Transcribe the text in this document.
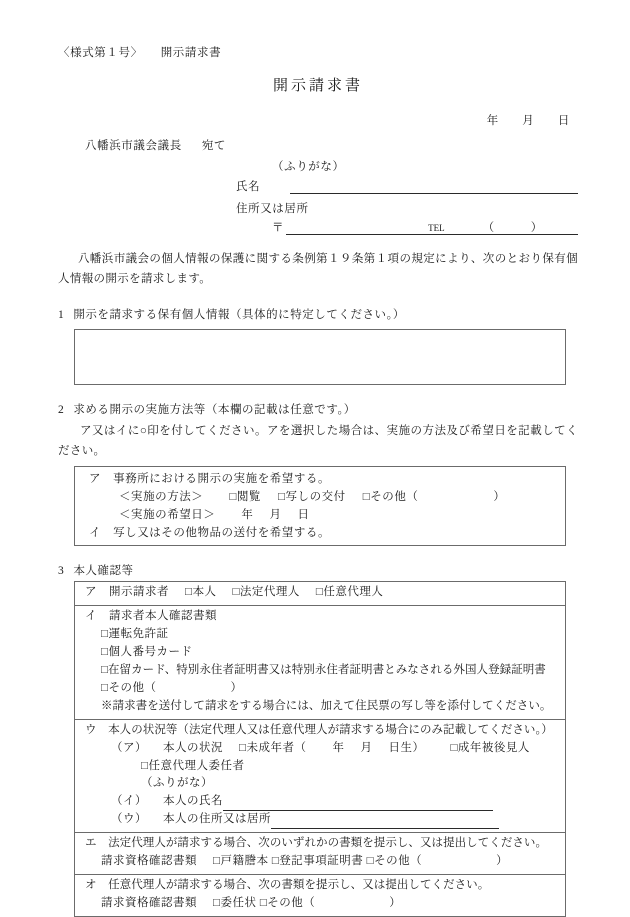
〈様式第１号〉 開示請求書
開示請求書
年 月 日
八幡浜市議会議長 宛て
（ふりがな）
氏名
住所又は居所
〒	TEL	（	）
八幡浜市議会の個人情報の保護に関する条例第１９条第１項の規定により、次のとおり保有個人情報の開示を請求します。
1 開示を請求する保有個人情報（具体的に特定してください。）
2 求める開示の実施方法等（本欄の記載は任意です。）
ア又はイに○印を付してください。アを選択した場合は、実施の方法及び希望日を記載してください。
ア　事務所における開示の実施を希望する。
＜実施の方法＞ □閲覧 □写しの交付 □その他（	）
＜実施の希望日＞ 年 月 日
イ　写し又はその他物品の送付を希望する。
3 本人確認等
ア　 開示請求者 □本人 □法定代理人 □任意代理人
イ　 請求者本人確認書類
□運転免許証
□個人番号カード
□在留カード、特別永住者証明書又は特別永住者証明書とみなされる外国人登録証明書
□その他（	）
※請求書を送付して請求をする場合には、加えて住民票の写し等を添付してください。
ウ　 本人の状況等（法定代理人又は任意代理人が請求する場合にのみ記載してください。）
（ア） 本人の状況 □未成年者（ 年 月 日生） □成年被後見人
□任意代理人委任者
（ふりがな）
（イ） 本人の氏名
（ウ） 本人の住所又は居所
エ　 法定代理人が請求する場合、次のいずれかの書類を提示し、又は提出してください。
請求資格確認書類 □戸籍謄本 □登記事項証明書 □その他（	）
オ　 任意代理人が請求する場合、次の書類を提示し、又は提出してください。
請求資格確認書類 □委任状 □その他（	）
